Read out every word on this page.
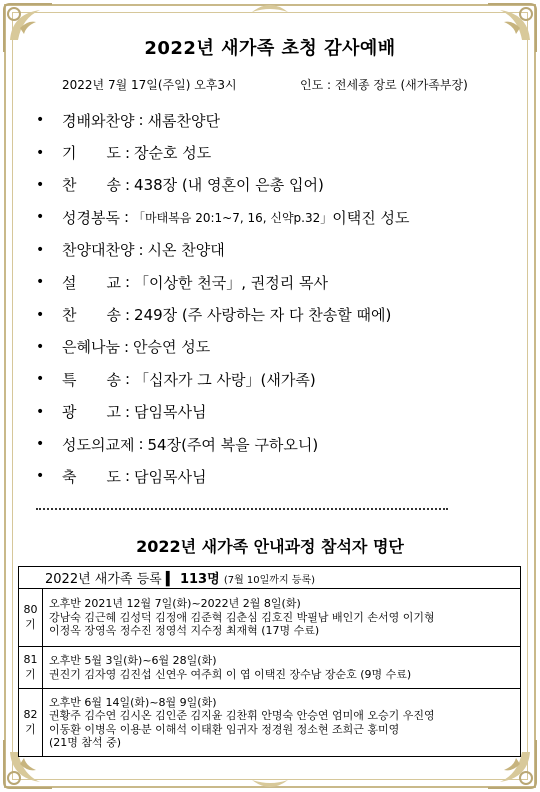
2022년 새가족 초청 감사예배
2022년 7월 17일(주일) 오후3시	인도 : 전세종 장로 (새가족부장)
•	경배와찬양 : 새롬찬양단
•	기　　도 : 장순호 성도
•	찬　　송 : 438장 (내 영혼이 은총 입어)
•	성경봉독 : 「마태복음 20:1~7, 16, 신약p.32」 이택진 성도
•	찬양대찬양 : 시온 찬양대
•	설　　교 : 「이상한 천국」, 권정리 목사
•	찬　　송 : 249장 (주 사랑하는 자 다 찬송할 때에)
•	은혜나눔 : 안승연 성도
•	특　　송 : 「십자가 그 사랑」(새가족)
•	광　　고 : 담임목사님
•	성도의교제 : 54장(주여 복을 구하오니)
•	축　　도 : 담임목사님
2022년 새가족 안내과정 참석자 명단
2022년 새가족 등록 ▍ 113명 (7월 10일까지 등록)	
80기	오후반 2021년 12월 7일(화)~2022년 2월 8일(화)
강남숙 김근혜 김성덕 김정애 김준혁 김춘심 김호진 박필남 배인기 손서영 이기형
이정옥 장영옥 정수진 정영석 지수정 최재혁 (17명 수료)

81기	오후반 5월 3일(화)~6월 28일(화)
권진기 김자영 김진섭 신연우 여주희 이 엽 이택진 장수남 장순호 (9명 수료)

82기	오후반 6월 14일(화)~8월 9일(화)
권황주 김수연 김시온 김인준 김지윤 김찬휘 안명숙 안승연 엄미애 오승기 우진영
이동환 이병옥 이용분 이해석 이태환 임귀자 정경원 정소현 조희근 홍미영
(21명 참석 중)
